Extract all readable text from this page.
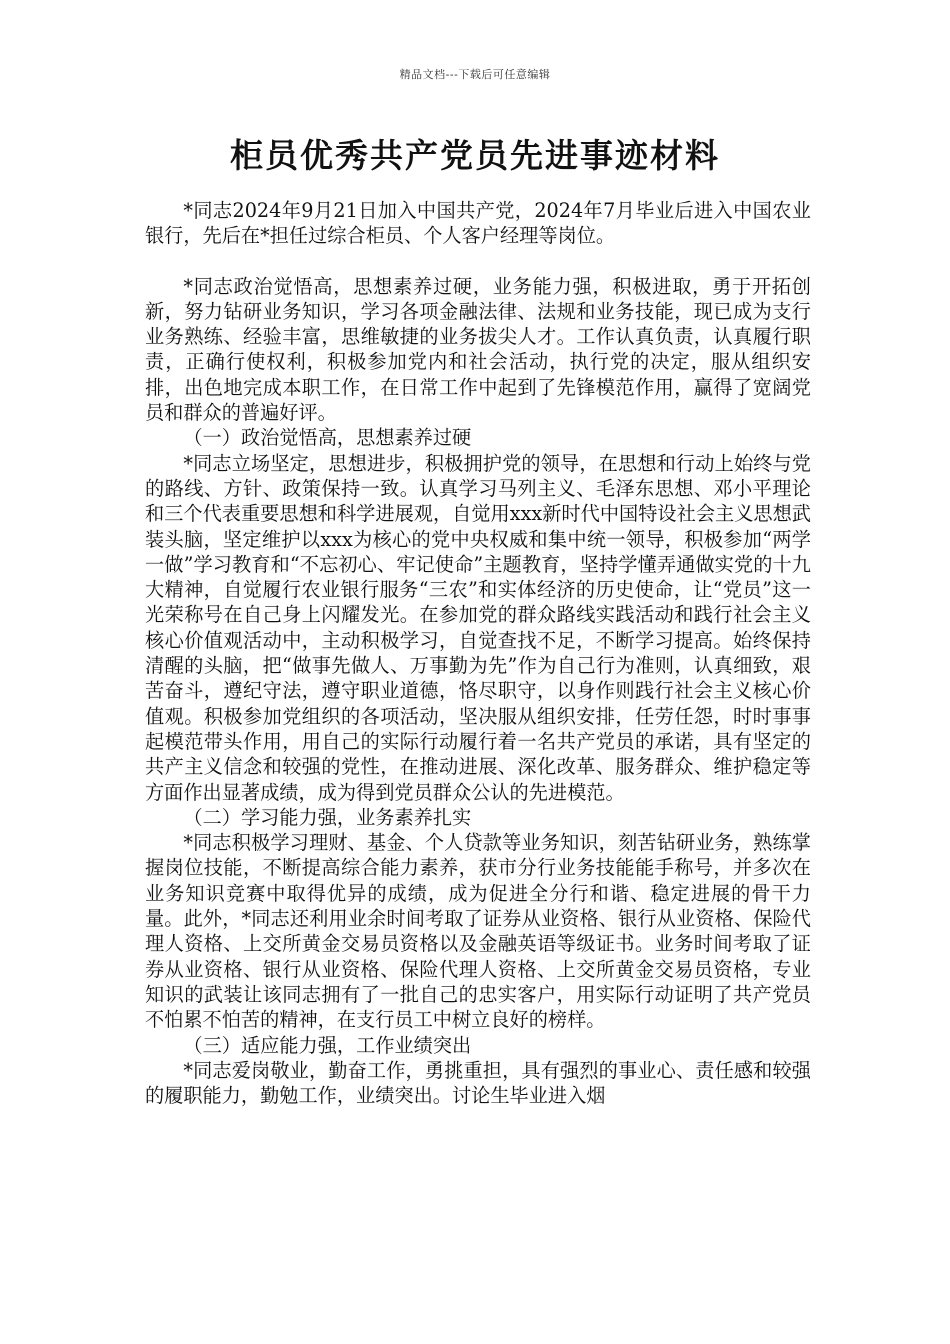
精品文档---下载后可任意编辑
柜员优秀共产党员先进事迹材料

*同志2024年9月21日加入中国共产党，2024年7月毕业后进入中国农业银行，先后在*担任过综合柜员、个人客户经理等岗位。

*同志政治觉悟高，思想素养过硬，业务能力强，积极进取，勇于开拓创新，努力钻研业务知识，学习各项金融法律、法规和业务技能，现已成为支行业务熟练、经验丰富，思维敏捷的业务拔尖人才。工作认真负责，认真履行职责，正确行使权利，积极参加党内和社会活动，执行党的决定，服从组织安排，出色地完成本职工作，在日常工作中起到了先锋模范作用，赢得了宽阔党员和群众的普遍好评。

（一）政治觉悟高，思想素养过硬

*同志立场坚定，思想进步，积极拥护党的领导，在思想和行动上始终与党的路线、方针、政策保持一致。认真学习马列主义、毛泽东思想、邓小平理论和三个代表重要思想和科学进展观，自觉用xxx新时代中国特设社会主义思想武装头脑，坚定维护以xxx为核心的党中央权威和集中统一领导，积极参加“两学一做”学习教育和“不忘初心、牢记使命”主题教育，坚持学懂弄通做实党的十九大精神，自觉履行农业银行服务“三农”和实体经济的历史使命，让“党员”这一光荣称号在自己身上闪耀发光。在参加党的群众路线实践活动和践行社会主义核心价值观活动中，主动积极学习，自觉查找不足，不断学习提高。始终保持清醒的头脑，把“做事先做人、万事勤为先”作为自己行为准则，认真细致，艰苦奋斗，遵纪守法，遵守职业道德，恪尽职守，以身作则践行社会主义核心价值观。积极参加党组织的各项活动，坚决服从组织安排，任劳任怨，时时事事起模范带头作用，用自己的实际行动履行着一名共产党员的承诺，具有坚定的共产主义信念和较强的党性，在推动进展、深化改革、服务群众、维护稳定等方面作出显著成绩，成为得到党员群众公认的先进模范。

（二）学习能力强，业务素养扎实

*同志积极学习理财、基金、个人贷款等业务知识，刻苦钻研业务，熟练掌握岗位技能，不断提高综合能力素养，获市分行业务技能能手称号，并多次在业务知识竞赛中取得优异的成绩，成为促进全分行和谐、稳定进展的骨干力量。此外，*同志还利用业余时间考取了证券从业资格、银行从业资格、保险代理人资格、上交所黄金交易员资格以及金融英语等级证书。业务时间考取了证券从业资格、银行从业资格、保险代理人资格、上交所黄金交易员资格，专业知识的武装让该同志拥有了一批自己的忠实客户，用实际行动证明了共产党员不怕累不怕苦的精神，在支行员工中树立良好的榜样。

（三）适应能力强，工作业绩突出

*同志爱岗敬业，勤奋工作，勇挑重担，具有强烈的事业心、责任感和较强的履职能力，勤勉工作，业绩突出。讨论生毕业进入烟
